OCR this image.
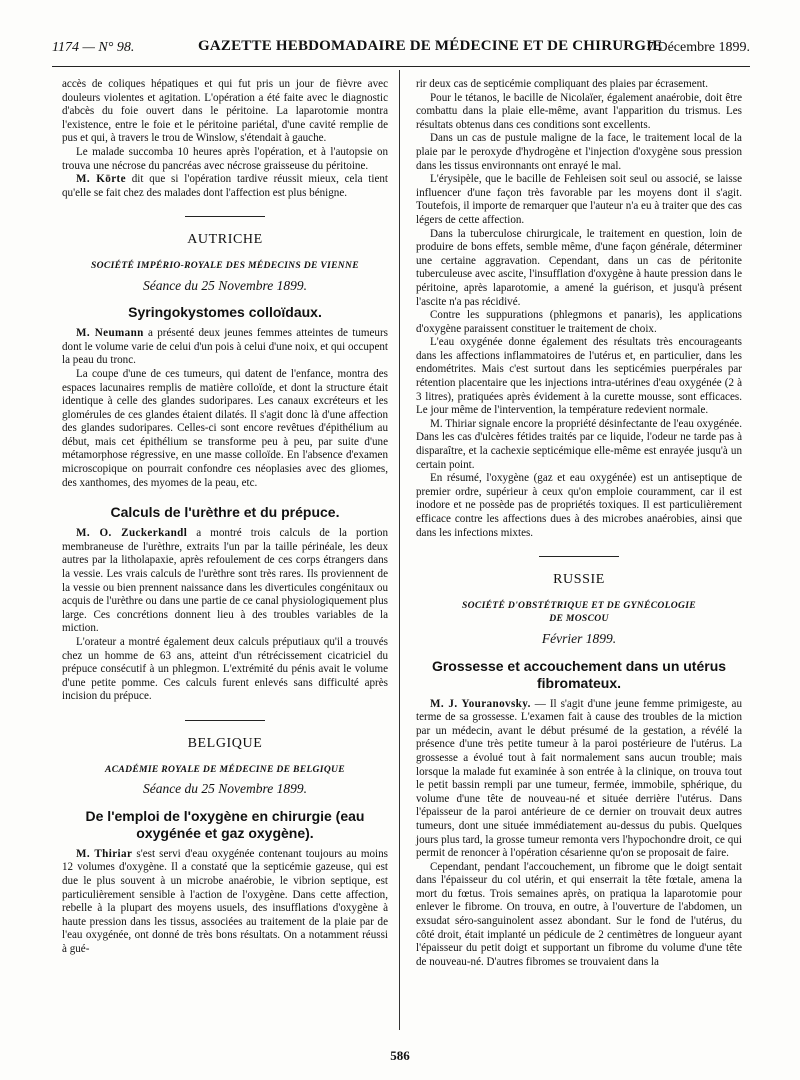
1174 — N° 98.	GAZETTE HEBDOMADAIRE DE MÉDECINE ET DE CHIRURGIE
7 Décembre 1899.

accès de coliques hépatiques et qui fut pris un jour de fièvre avec douleurs violentes et agitation. L'opération a été faite avec le diagnostic d'abcès du foie ouvert dans le péritoine. La laparotomie montra l'existence, entre le foie et le péritoine pariétal, d'une cavité remplie de pus et qui, à travers le trou de Winslow, s'étendait à gauche.

Le malade succomba 10 heures après l'opération, et à l'autopsie on trouva une nécrose du pancréas avec nécrose graisseuse du péritoine.

M. Körte dit que si l'opération tardive réussit mieux, cela tient qu'elle se fait chez des malades dont l'affection est plus bénigne.

AUTRICHE
SOCIÉTÉ IMPÉRIO-ROYALE DES MÉDECINS DE VIENNE
Séance du 25 Novembre 1899.
Syringokystomes colloïdaux.

M. Neumann a présenté deux jeunes femmes atteintes de tumeurs dont le volume varie de celui d'un pois à celui d'une noix, et qui occupent la peau du tronc.

La coupe d'une de ces tumeurs, qui datent de l'enfance, montra des espaces lacunaires remplis de matière colloïde, et dont la structure était identique à celle des glandes sudoripares. Les canaux excréteurs et les glomérules de ces glandes étaient dilatés. Il s'agit donc là d'une affection des glandes sudoripares. Celles-ci sont encore revêtues d'épithélium au début, mais cet épithélium se transforme peu à peu, par suite d'une métamorphose régressive, en une masse colloïde. En l'absence d'examen microscopique on pourrait confondre ces néoplasies avec des gliomes, des xanthomes, des myomes de la peau, etc.

Calculs de l'urèthre et du prépuce.

M. O. Zuckerkandl a montré trois calculs de la portion membraneuse de l'urèthre, extraits l'un par la taille périnéale, les deux autres par la litholapaxie, après refoulement de ces corps étrangers dans la vessie. Les vrais calculs de l'urèthre sont très rares. Ils proviennent de la vessie ou bien prennent naissance dans les diverticules congénitaux ou acquis de l'urèthre ou dans une partie de ce canal physiologiquement plus large. Ces concrétions donnent lieu à des troubles variables de la miction.

L'orateur a montré également deux calculs préputiaux qu'il a trouvés chez un homme de 63 ans, atteint d'un rétrécissement cicatriciel du prépuce consécutif à un phlegmon. L'extrémité du pénis avait le volume d'une petite pomme. Ces calculs furent enlevés sans difficulté après incision du prépuce.

BELGIQUE
ACADÉMIE ROYALE DE MÉDECINE DE BELGIQUE
Séance du 25 Novembre 1899.
De l'emploi de l'oxygène en chirurgie (eau
oxygénée et gaz oxygène).

M. Thiriar s'est servi d'eau oxygénée contenant toujours au moins 12 volumes d'oxygène. Il a constaté que la septicémie gazeuse, qui est due le plus souvent à un microbe anaérobie, le vibrion septique, est particulièrement sensible à l'action de l'oxygène. Dans cette affection, rebelle à la plupart des moyens usuels, des insufflations d'oxygène à haute pression dans les tissus, associées au traitement de la plaie par de l'eau oxygénée, ont donné de très bons résultats. On a notamment réussi à gué-

rir deux cas de septicémie compliquant des plaies par écrasement.

Pour le tétanos, le bacille de Nicolaïer, également anaérobie, doit être combattu dans la plaie elle-même, avant l'apparition du trismus. Les résultats obtenus dans ces conditions sont excellents.

Dans un cas de pustule maligne de la face, le traitement local de la plaie par le peroxyde d'hydrogène et l'injection d'oxygène sous pression dans les tissus environnants ont enrayé le mal.

L'érysipèle, que le bacille de Fehleisen soit seul ou associé, se laisse influencer d'une façon très favorable par les moyens dont il s'agit. Toutefois, il importe de remarquer que l'auteur n'a eu à traiter que des cas légers de cette affection.

Dans la tuberculose chirurgicale, le traitement en question, loin de produire de bons effets, semble même, d'une façon générale, déterminer une certaine aggravation. Cependant, dans un cas de péritonite tuberculeuse avec ascite, l'insufflation d'oxygène à haute pression dans le péritoine, après laparotomie, a amené la guérison, et jusqu'à présent l'ascite n'a pas récidivé.

Contre les suppurations (phlegmons et panaris), les applications d'oxygène paraissent constituer le traitement de choix.

L'eau oxygénée donne également des résultats très encourageants dans les affections inflammatoires de l'utérus et, en particulier, dans les endométrites. Mais c'est surtout dans les septicémies puerpérales par rétention placentaire que les injections intra-utérines d'eau oxygénée (2 à 3 litres), pratiquées après évidement à la curette mousse, sont efficaces. Le jour même de l'intervention, la température redevient normale.

M. Thiriar signale encore la propriété désinfectante de l'eau oxygénée. Dans les cas d'ulcères fétides traités par ce liquide, l'odeur ne tarde pas à disparaître, et la cachexie septicémique elle-même est enrayée jusqu'à un certain point.

En résumé, l'oxygène (gaz et eau oxygénée) est un antiseptique de premier ordre, supérieur à ceux qu'on emploie couramment, car il est inodore et ne possède pas de propriétés toxiques. Il est particulièrement efficace contre les affections dues à des microbes anaérobies, ainsi que dans les infections mixtes.

RUSSIE
SOCIÉTÉ D'OBSTÉTRIQUE ET DE GYNÉCOLOGIE
DE MOSCOU
Février 1899.
Grossesse et accouchement dans un utérus
fibromateux.

M. J. Youranovsky. — Il s'agit d'une jeune femme primigeste, au terme de sa grossesse. L'examen fait à cause des troubles de la miction par un médecin, avant le début présumé de la gestation, a révélé la présence d'une très petite tumeur à la paroi postérieure de l'utérus. La grossesse a évolué tout à fait normalement sans aucun trouble; mais lorsque la malade fut examinée à son entrée à la clinique, on trouva tout le petit bassin rempli par une tumeur, fermée, immobile, sphérique, du volume d'une tête de nouveau-né et située derrière l'utérus. Dans l'épaisseur de la paroi antérieure de ce dernier on trouvait deux autres tumeurs, dont une située immédiatement au-dessus du pubis. Quelques jours plus tard, la grosse tumeur remonta vers l'hypochondre droit, ce qui permit de renoncer à l'opération césarienne qu'on se proposait de faire.

Cependant, pendant l'accouchement, un fibrome que le doigt sentait dans l'épaisseur du col utérin, et qui enserrait la tête fœtale, amena la mort du fœtus. Trois semaines après, on pratiqua la laparotomie pour enlever le fibrome. On trouva, en outre, à l'ouverture de l'abdomen, un exsudat séro-sanguinolent assez abondant. Sur le fond de l'utérus, du côté droit, était implanté un pédicule de 2 centimètres de longueur ayant l'épaisseur du petit doigt et supportant un fibrome du volume d'une tête de nouveau-né. D'autres fibromes se trouvaient dans la

586
